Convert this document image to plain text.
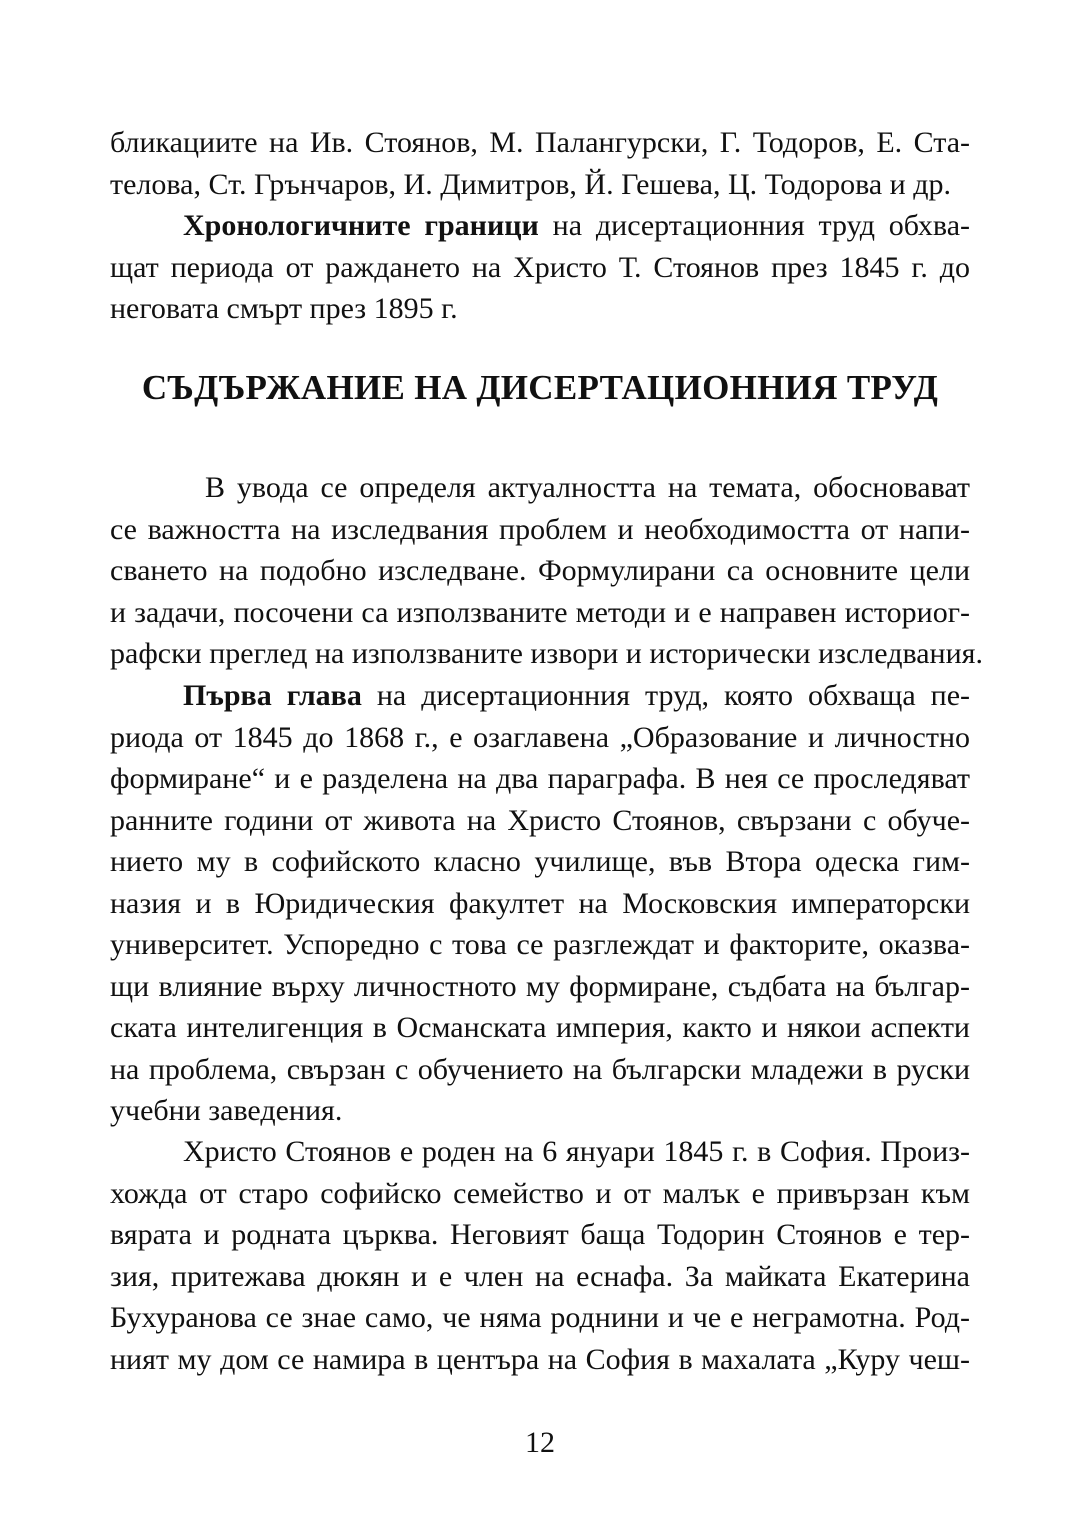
бликациите на Ив. Стоянов, М. Палангурски, Г. Тодоров, Е. Ста-
телова, Ст. Грънчаров, И. Димитров, Й. Гешева, Ц. Тодорова и др.
Хронологичните граници на дисертационния труд обхва-
щат периода от раждането на Христо Т. Стоянов през 1845 г. до
неговата смърт през 1895 г.
СЪДЪРЖАНИЕ НА ДИСЕРТАЦИОННИЯ ТРУД
В увода се определя актуалността на темата, обосновават
се важността на изследвания проблем и необходимостта от напи-
сването на подобно изследване. Формулирани са основните цели
и задачи, посочени са използваните методи и е направен историог-
рафски преглед на използваните извори и исторически изследвания.
Първа глава на дисертационния труд, която обхваща пе-
риода от 1845 до 1868 г., е озаглавена „Образование и личностно
формиране“ и е разделена на два параграфа. В нея се проследяват
ранните години от живота на Христо Стоянов, свързани с обуче-
нието му в софийското класно училище, във Втора одеска гим-
назия и в Юридическия факултет на Московския императорски
университет. Успоредно с това се разглеждат и факторите, оказва-
щи влияние върху личностното му формиране, съдбата на българ-
ската интелигенция в Османската империя, както и някои аспекти
на проблема, свързан с обучението на български младежи в руски
учебни заведения.
Христо Стоянов е роден на 6 януари 1845 г. в София. Произ-
хожда от старо софийско семейство и от малък е привързан към
вярата и родната църква. Неговият баща Тодорин Стоянов е тер-
зия, притежава дюкян и е член на еснафа. За майката Екатерина
Бухуранова се знае само, че няма роднини и че е неграмотна. Род-
ният му дом се намира в центъра на София в махалата „Куру чеш-
12
